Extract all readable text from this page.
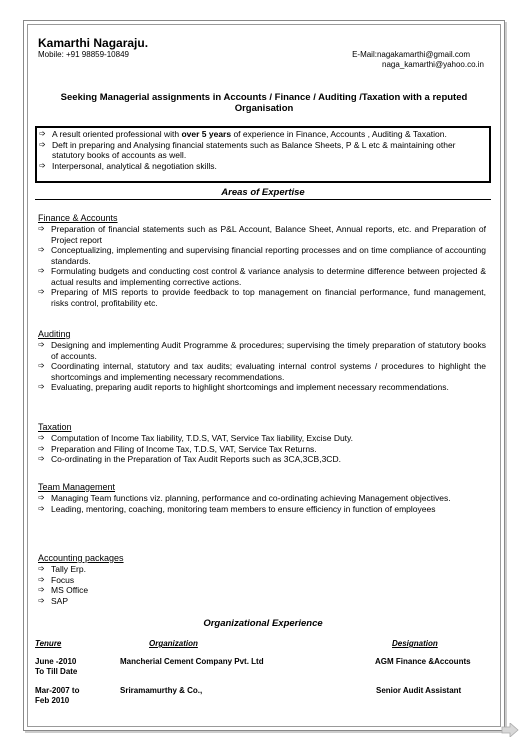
Kamarthi Nagaraju.
Mobile: +91 98859-10849	E-Mail:nagakamarthi@gmail.com
naga_kamarthi@yahoo.co.in
Seeking Managerial assignments in Accounts / Finance / Auditing /Taxation with a reputed Organisation
➩ A result oriented professional with over 5 years of experience in Finance, Accounts , Auditing & Taxation.
➩ Deft in preparing and Analysing financial statements such as Balance Sheets, P & L etc & maintaining other statutory books of accounts as well.
➩ Interpersonal, analytical & negotiation skills.
Areas of Expertise
Finance & Accounts
➩ Preparation of financial statements such as P&L Account, Balance Sheet, Annual reports, etc. and Preparation of Project report
➩ Conceptualizing, implementing and supervising financial reporting processes and on time compliance of accounting standards.
➩ Formulating budgets and conducting cost control & variance analysis to determine difference between projected & actual results and implementing corrective actions.
➩ Preparing of MIS reports to provide feedback to top management on financial performance, fund management, risks control, profitability etc.
Auditing
➩ Designing and implementing Audit Programme & procedures; supervising the timely preparation of statutory books of accounts.
➩ Coordinating internal, statutory and tax audits; evaluating internal control systems / procedures to highlight the shortcomings and implementing necessary recommendations.
➩ Evaluating, preparing audit reports to highlight shortcomings and implement necessary recommendations.
Taxation
➩ Computation of Income Tax liability, T.D.S, VAT, Service Tax liability, Excise Duty.
➩ Preparation and Filing of Income Tax, T.D.S, VAT, Service Tax Returns.
➩ Co-ordinating in the Preparation of Tax Audit Reports such as 3CA,3CB,3CD.
Team Management
➩ Managing Team functions viz. planning, performance and co-ordinating achieving Management objectives.
➩ Leading, mentoring, coaching, monitoring team members to ensure efficiency in function of employees
Accounting packages
➩ Tally Erp.
➩ Focus
➩ MS Office
➩ SAP
Organizational Experience
Tenure	Organization	Designation
June -2010
To Till Date
Mancherial Cement Company Pvt. Ltd	AGM Finance &Accounts
Mar-2007 to
Feb 2010
Sriramamurthy & Co.,	Senior Audit Assistant
